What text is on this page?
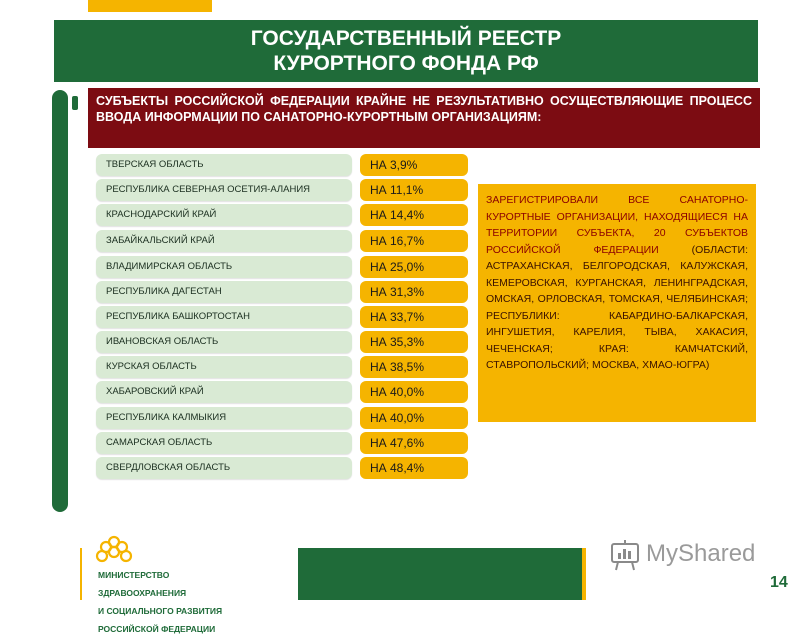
ГОСУДАРСТВЕННЫЙ РЕЕСТР
КУРОРТНОГО ФОНДА РФ
СУБЪЕКТЫ РОССИЙСКОЙ ФЕДЕРАЦИИ КРАЙНЕ НЕ РЕЗУЛЬТАТИВНО ОСУЩЕСТВЛЯЮЩИЕ ПРОЦЕСС ВВОДА ИНФОРМАЦИИ ПО САНАТОРНО-КУРОРТНЫМ ОРГАНИЗАЦИЯМ:
ТВЕРСКАЯ ОБЛАСТЬ	НА 3,9%
РЕСПУБЛИКА СЕВЕРНАЯ ОСЕТИЯ-АЛАНИЯ	НА 11,1%
КРАСНОДАРСКИЙ КРАЙ	НА 14,4%
ЗАБАЙКАЛЬСКИЙ КРАЙ	НА 16,7%
ВЛАДИМИРСКАЯ ОБЛАСТЬ	НА 25,0%
РЕСПУБЛИКА ДАГЕСТАН	НА 31,3%
РЕСПУБЛИКА БАШКОРТОСТАН	НА 33,7%
ИВАНОВСКАЯ ОБЛАСТЬ	НА 35,3%
КУРСКАЯ ОБЛАСТЬ	НА 38,5%
ХАБАРОВСКИЙ КРАЙ	НА 40,0%
РЕСПУБЛИКА КАЛМЫКИЯ	НА 40,0%
САМАРСКАЯ ОБЛАСТЬ	НА 47,6%
СВЕРДЛОВСКАЯ ОБЛАСТЬ	НА 48,4%
ЗАРЕГИСТРИРОВАЛИ ВСЕ САНАТОРНО-КУРОРТНЫЕ ОРГАНИЗАЦИИ, НАХОДЯЩИЕСЯ НА ТЕРРИТОРИИ СУБЪЕКТА, 20 СУБЪЕКТОВ РОССИЙСКОЙ ФЕДЕРАЦИИ (ОБЛАСТИ: АСТРАХАНСКАЯ, БЕЛГОРОДСКАЯ, КАЛУЖСКАЯ, КЕМЕРОВСКАЯ, КУРГАНСКАЯ, ЛЕНИНГРАДСКАЯ, ОМСКАЯ, ОРЛОВСКАЯ, ТОМСКАЯ, ЧЕЛЯБИНСКАЯ; РЕСПУБЛИКИ: КАБАРДИНО-БАЛКАРСКАЯ, ИНГУШЕТИЯ, КАРЕЛИЯ, ТЫВА, ХАКАСИЯ, ЧЕЧЕНСКАЯ; КРАЯ: КАМЧАТСКИЙ, СТАВРОПОЛЬСКИЙ; МОСКВА, ХМАО-ЮГРА)

МИНИСТЕРСТВО

ЗДРАВООХРАНЕНИЯ

И СОЦИАЛЬНОГО РАЗВИТИЯ

РОССИЙСКОЙ ФЕДЕРАЦИИ

MyShared
14
